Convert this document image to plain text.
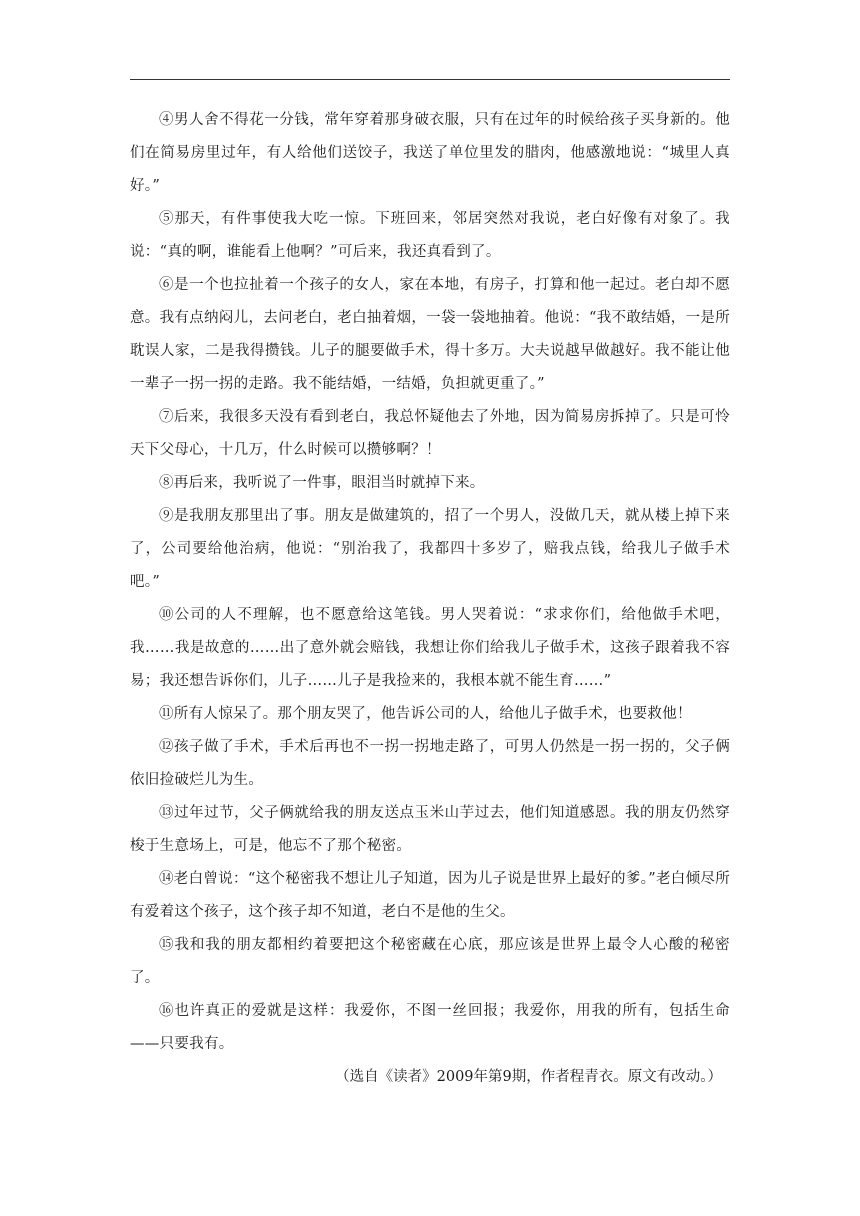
④男人舍不得花一分钱，常年穿着那身破衣服，只有在过年的时候给孩子买身新的。他们在简易房里过年，有人给他们送饺子，我送了单位里发的腊肉，他感激地说：“城里人真好。”

⑤那天，有件事使我大吃一惊。下班回来，邻居突然对我说，老白好像有对象了。我说：“真的啊，谁能看上他啊？”可后来，我还真看到了。

⑥是一个也拉扯着一个孩子的女人，家在本地，有房子，打算和他一起过。老白却不愿意。我有点纳闷儿，去问老白，老白抽着烟，一袋一袋地抽着。他说：“我不敢结婚，一是所耽误人家，二是我得攒钱。儿子的腿要做手术，得十多万。大夫说越早做越好。我不能让他一辈子一拐一拐的走路。我不能结婚，一结婚，负担就更重了。”

⑦后来，我很多天没有看到老白，我总怀疑他去了外地，因为简易房拆掉了。只是可怜天下父母心，十几万，什么时候可以攒够啊？！

⑧再后来，我听说了一件事，眼泪当时就掉下来。

⑨是我朋友那里出了事。朋友是做建筑的，招了一个男人，没做几天，就从楼上掉下来了，公司要给他治病，他说：“别治我了，我都四十多岁了，赔我点钱，给我儿子做手术吧。”

⑩公司的人不理解，也不愿意给这笔钱。男人哭着说：“求求你们，给他做手术吧，我……我是故意的……出了意外就会赔钱，我想让你们给我儿子做手术，这孩子跟着我不容易；我还想告诉你们，儿子……儿子是我捡来的，我根本就不能生育……”

⑪所有人惊呆了。那个朋友哭了，他告诉公司的人，给他儿子做手术，也要救他！

⑫孩子做了手术，手术后再也不一拐一拐地走路了，可男人仍然是一拐一拐的，父子俩依旧捡破烂儿为生。

⑬过年过节，父子俩就给我的朋友送点玉米山芋过去，他们知道感恩。我的朋友仍然穿梭于生意场上，可是，他忘不了那个秘密。

⑭老白曾说：“这个秘密我不想让儿子知道，因为儿子说是世界上最好的爹。”老白倾尽所有爱着这个孩子，这个孩子却不知道，老白不是他的生父。

⑮我和我的朋友都相约着要把这个秘密藏在心底，那应该是世界上最令人心酸的秘密了。

⑯也许真正的爱就是这样：我爱你，不图一丝回报；我爱你，用我的所有，包括生命——只要我有。

（选自《读者》2009年第9期，作者程青衣。原文有改动。）
